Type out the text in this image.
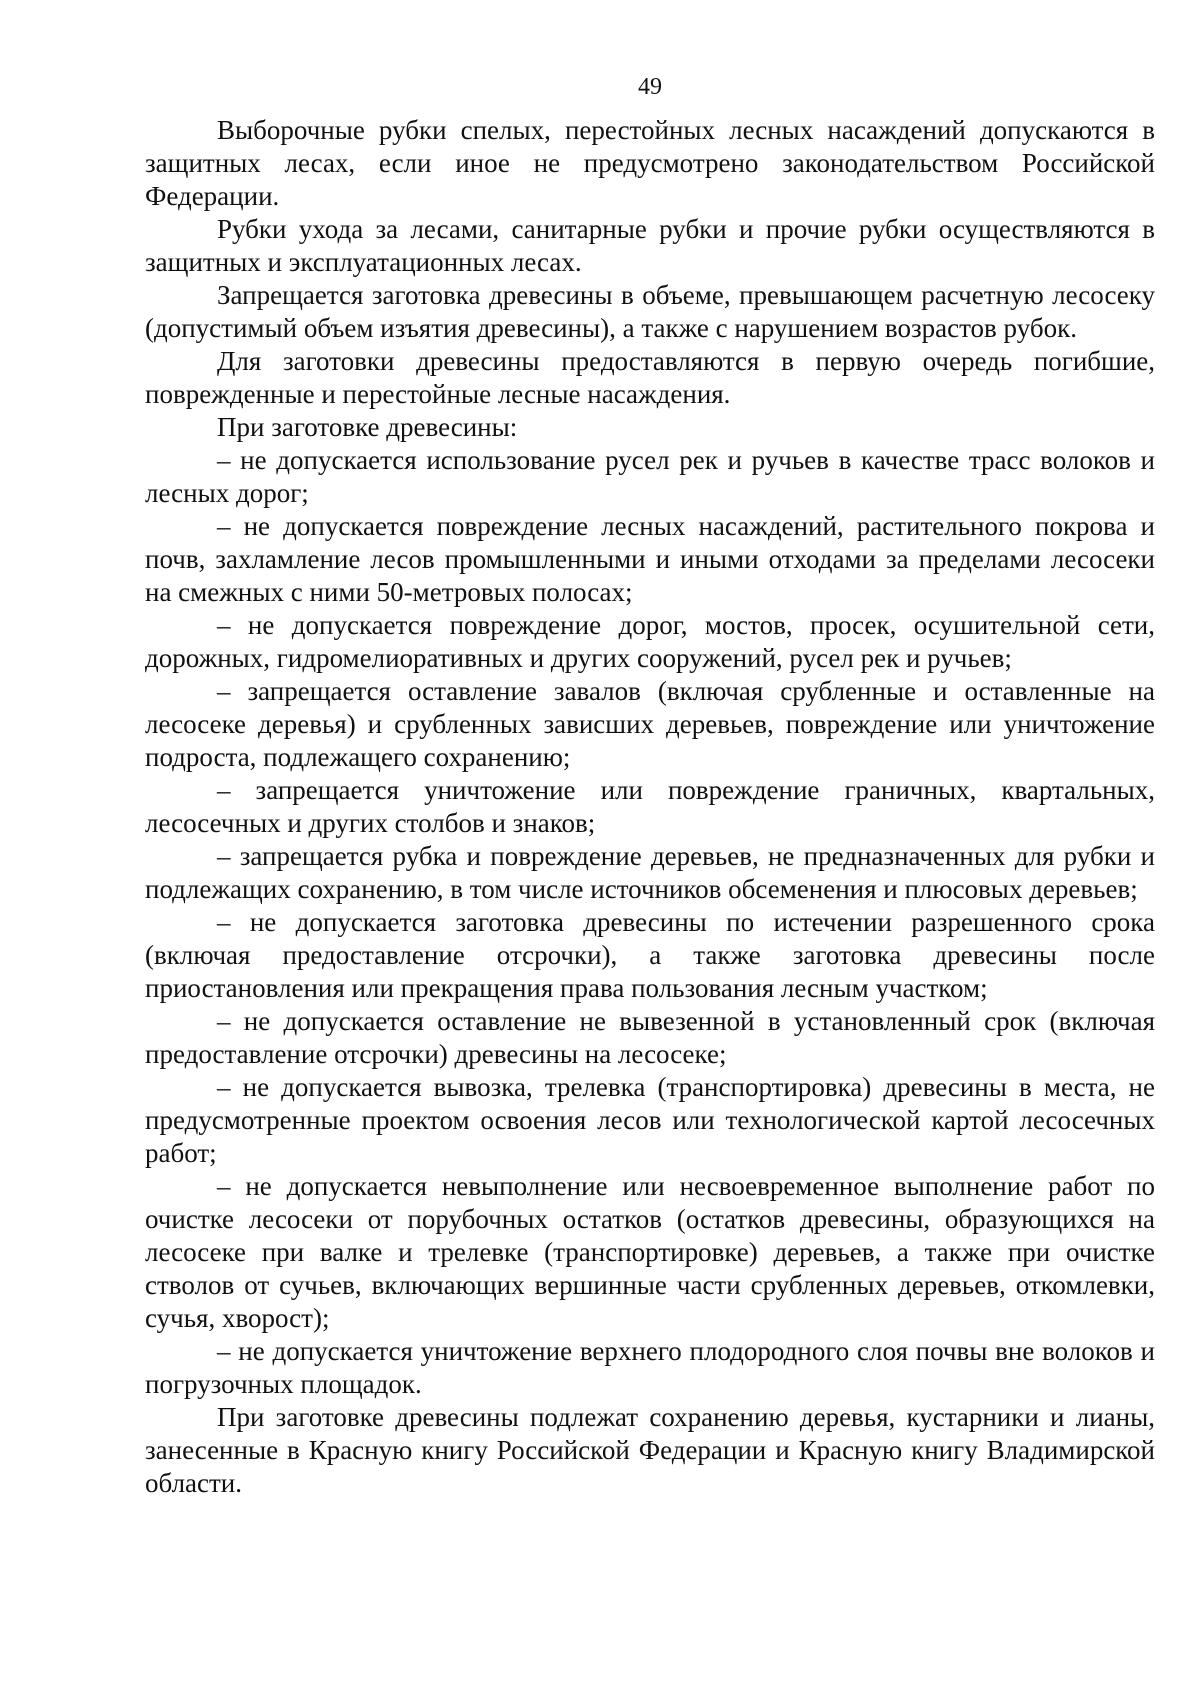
49

Выборочные рубки спелых, перестойных лесных насаждений допускаются в защитных лесах, если иное не предусмотрено законодательством Российской Федерации.

Рубки ухода за лесами, санитарные рубки и прочие рубки осуществляются в защитных и эксплуатационных лесах.

Запрещается заготовка древесины в объеме, превышающем расчетную лесосеку (допустимый объем изъятия древесины), а также с нарушением возрастов рубок.

Для заготовки древесины предоставляются в первую очередь погибшие, поврежденные и перестойные лесные насаждения.

При заготовке древесины:

– не допускается использование русел рек и ручьев в качестве трасс волоков и лесных дорог;

– не допускается повреждение лесных насаждений, растительного покрова и почв, захламление лесов промышленными и иными отходами за пределами лесосеки на смежных с ними 50-метровых полосах;

– не допускается повреждение дорог, мостов, просек, осушительной сети, дорожных, гидромелиоративных и других сооружений, русел рек и ручьев;

– запрещается оставление завалов (включая срубленные и оставленные на лесосеке деревья) и срубленных зависших деревьев, повреждение или уничтожение подроста, подлежащего сохранению;

– запрещается уничтожение или повреждение граничных, квартальных, лесосечных и других столбов и знаков;

– запрещается рубка и повреждение деревьев, не предназначенных для рубки и подлежащих сохранению, в том числе источников обсеменения и плюсовых деревьев;

– не допускается заготовка древесины по истечении разрешенного срока (включая предоставление отсрочки), а также заготовка древесины после приостановления или прекращения права пользования лесным участком;

– не допускается оставление не вывезенной в установленный срок (включая предоставление отсрочки) древесины на лесосеке;

– не допускается вывозка, трелевка (транспортировка) древесины в места, не предусмотренные проектом освоения лесов или технологической картой лесосечных работ;

– не допускается невыполнение или несвоевременное выполнение работ по очистке лесосеки от порубочных остатков (остатков древесины, образующихся на лесосеке при валке и трелевке (транспортировке) деревьев, а также при очистке стволов от сучьев, включающих вершинные части срубленных деревьев, откомлевки, сучья, хворост);

– не допускается уничтожение верхнего плодородного слоя почвы вне волоков и погрузочных площадок.

При заготовке древесины подлежат сохранению деревья, кустарники и лианы, занесенные в Красную книгу Российской Федерации и Красную книгу Владимирской области.
